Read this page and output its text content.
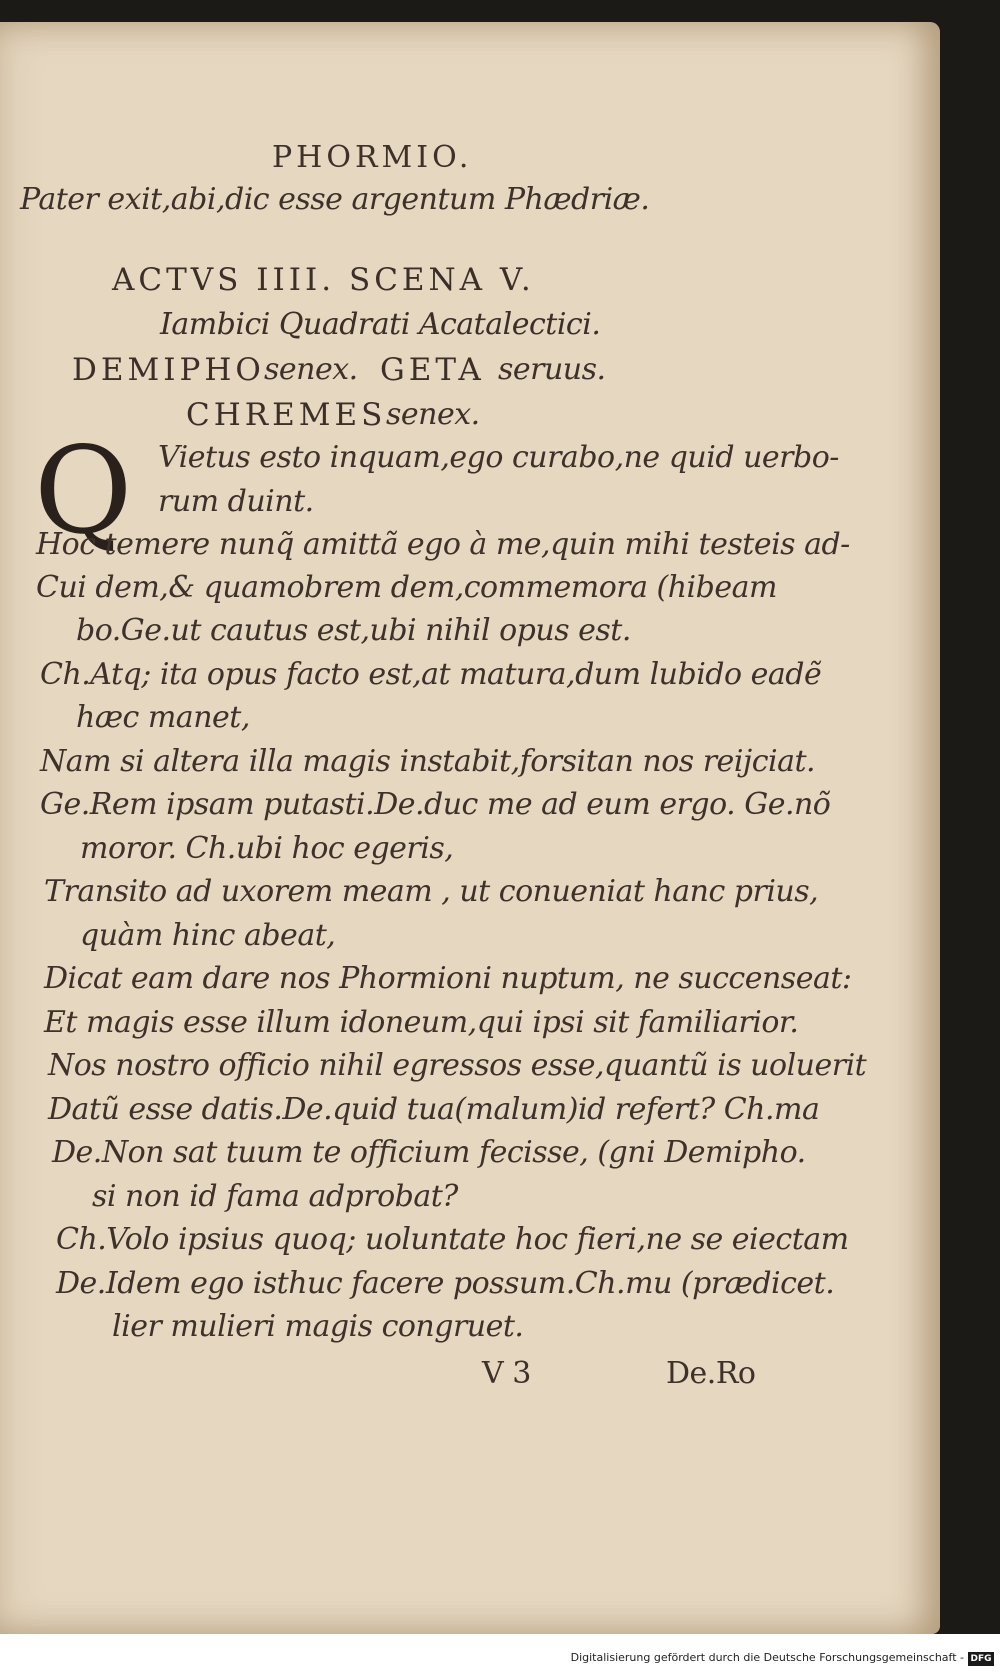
PHORMIO.
Pater exit,abi,dic esse argentum Phædriæ.
ACTVS IIII. SCENA V.
Iambici Quadrati Acatalectici.
DEMIPHO senex. GETA seruus.
CHREMES senex.
Q Vietus esto inquam,ego curabo,ne quid uerbo-
rum duint.
Hoc temere nunq̃ amittã ego à me,quin mihi testeis ad-
Cui dem,& quamobrem dem,commemora (hibeam
bo.Ge.ut cautus est,ubi nihil opus est.
Ch.Atq; ita opus facto est,at matura,dum lubido eadẽ
hæc manet,
Nam si altera illa magis instabit,forsitan nos reijciat.
Ge.Rem ipsam putasti.De.duc me ad eum ergo. Ge.nõ
moror. Ch.ubi hoc egeris,
Transito ad uxorem meam , ut conueniat hanc prius,
quàm hinc abeat,
Dicat eam dare nos Phormioni nuptum, ne succenseat:
Et magis esse illum idoneum,qui ipsi sit familiarior.
Nos nostro officio nihil egressos esse,quantũ is uoluerit
Datũ esse datis.De.quid tua(malum)id refert? Ch.ma
De.Non sat tuum te officium fecisse, (gni Demipho.
si non id fama adprobat?
Ch.Volo ipsius quoq; uoluntate hoc fieri,ne se eiectam
De.Idem ego isthuc facere possum.Ch.mu (prædicet.
lier mulieri magis congruet.
V 3	De.Ro
Digitalisierung gefördert durch die Deutsche Forschungsgemeinschaft - DFG
